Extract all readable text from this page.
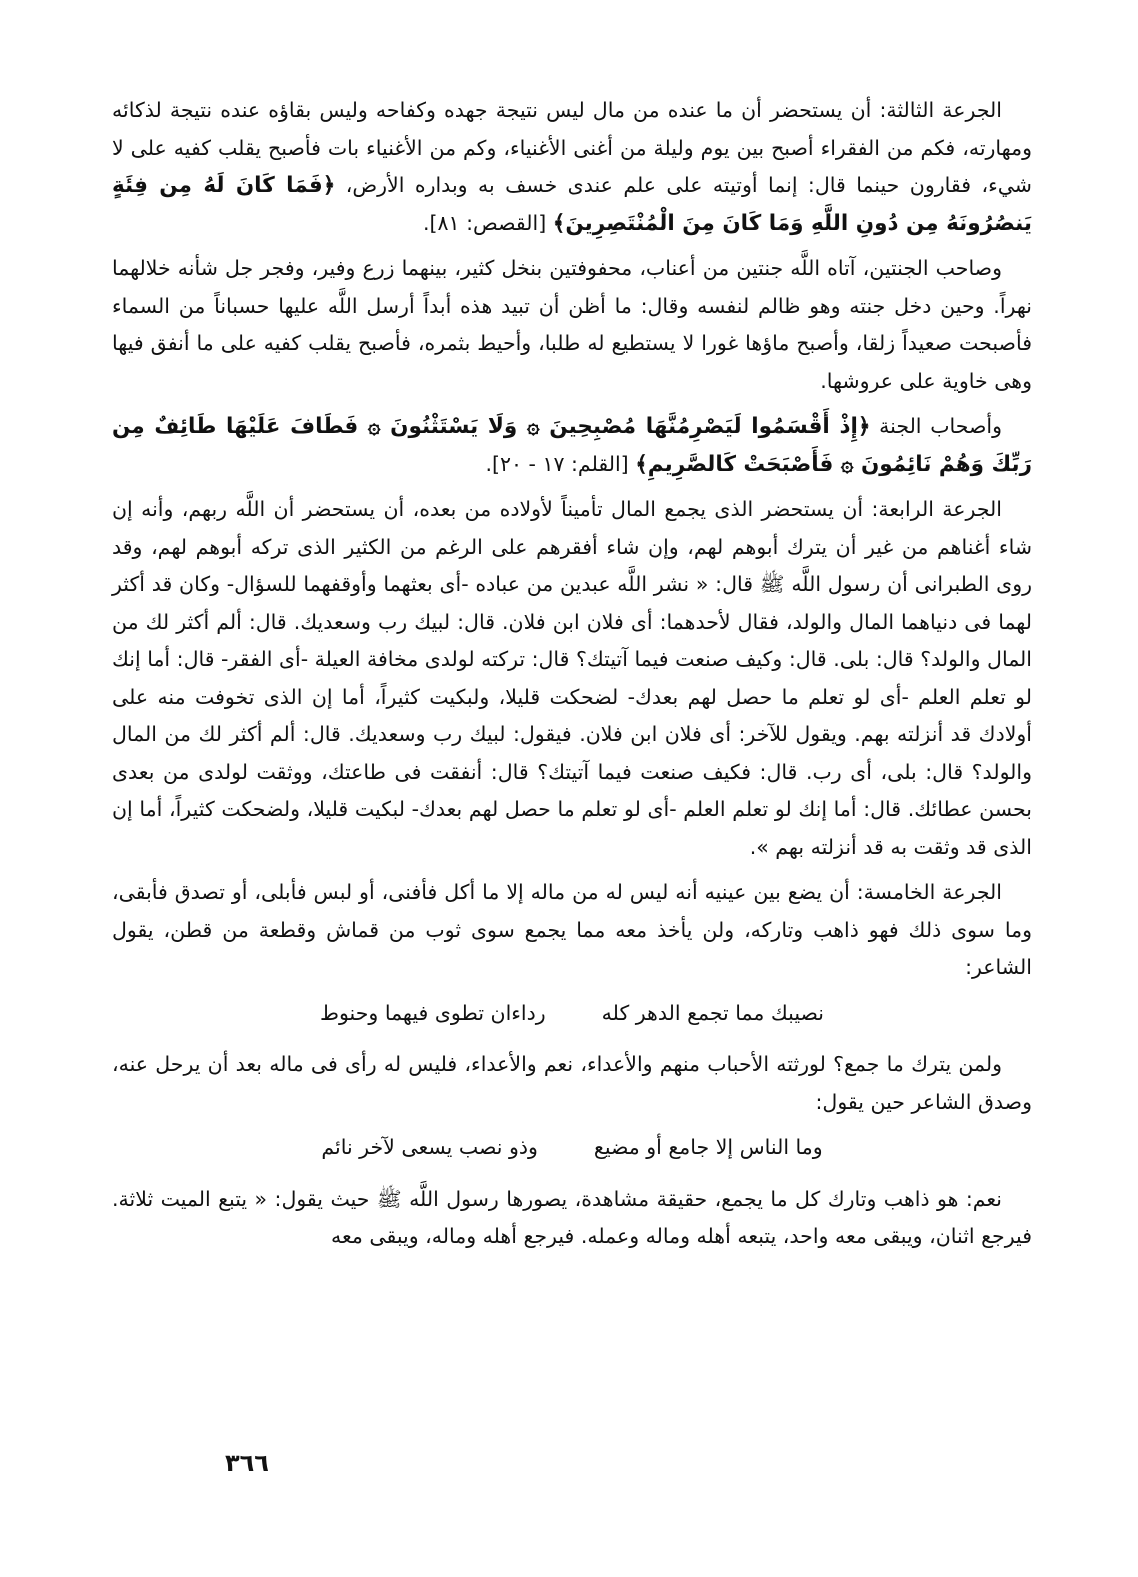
الجرعة الثالثة: أن يستحضر أن ما عنده من مال ليس نتيجة جهده وكفاحه وليس بقاؤه عنده نتيجة لذكائه ومهارته، فكم من الفقراء أصبح بين يوم وليلة من أغنى الأغنياء، وكم من الأغنياء بات فأصبح يقلب كفيه على لا شيء، فقارون حينما قال: إنما أوتيته على علم عندى خسف به وبداره الأرض، ﴿فَمَا كَانَ لَهُ مِن فِئَةٍ يَنصُرُونَهُ مِن دُونِ اللَّهِ وَمَا كَانَ مِنَ الْمُنْتَصِرِينَ﴾ [القصص: ٨١].

وصاحب الجنتين، آتاه اللَّه جنتين من أعناب، محفوفتين بنخل كثير، بينهما زرع وفير، وفجر جل شأنه خلالهما نهراً. وحين دخل جنته وهو ظالم لنفسه وقال: ما أظن أن تبيد هذه أبداً أرسل اللَّه عليها حسباناً من السماء فأصبحت صعيداً زلقا، وأصبح ماؤها غورا لا يستطيع له طلبا، وأحيط بثمره، فأصبح يقلب كفيه على ما أنفق فيها وهى خاوية على عروشها.

وأصحاب الجنة ﴿إِذْ أَقْسَمُوا لَيَصْرِمُنَّهَا مُصْبِحِينَ ۞ وَلَا يَسْتَثْنُونَ ۞ فَطَافَ عَلَيْهَا طَائِفٌ مِن رَبِّكَ وَهُمْ نَائِمُونَ ۞ فَأَصْبَحَتْ كَالصَّرِيمِ﴾ [القلم: ١٧ - ٢٠].

الجرعة الرابعة: أن يستحضر الذى يجمع المال تأميناً لأولاده من بعده، أن يستحضر أن اللَّه ربهم، وأنه إن شاء أغناهم من غير أن يترك أبوهم لهم، وإن شاء أفقرهم على الرغم من الكثير الذى تركه أبوهم لهم، وقد روى الطبرانى أن رسول اللَّه ﷺ قال: « نشر اللَّه عبدين من عباده -أى بعثهما وأوقفهما للسؤال- وكان قد أكثر لهما فى دنياهما المال والولد، فقال لأحدهما: أى فلان ابن فلان. قال: لبيك رب وسعديك. قال: ألم أكثر لك من المال والولد؟ قال: بلى. قال: وكيف صنعت فيما آتيتك؟ قال: تركته لولدى مخافة العيلة -أى الفقر- قال: أما إنك لو تعلم العلم -أى لو تعلم ما حصل لهم بعدك- لضحكت قليلا، ولبكيت كثيراً، أما إن الذى تخوفت منه على أولادك قد أنزلته بهم. ويقول للآخر: أى فلان ابن فلان. فيقول: لبيك رب وسعديك. قال: ألم أكثر لك من المال والولد؟ قال: بلى، أى رب. قال: فكيف صنعت فيما آتيتك؟ قال: أنفقت فى طاعتك، ووثقت لولدى من بعدى بحسن عطائك. قال: أما إنك لو تعلم العلم -أى لو تعلم ما حصل لهم بعدك- لبكيت قليلا، ولضحكت كثيراً، أما إن الذى قد وثقت به قد أنزلته بهم ».

الجرعة الخامسة: أن يضع بين عينيه أنه ليس له من ماله إلا ما أكل فأفنى، أو لبس فأبلى، أو تصدق فأبقى، وما سوى ذلك فهو ذاهب وتاركه، ولن يأخذ معه مما يجمع سوى ثوب من قماش وقطعة من قطن، يقول الشاعر:

نصيبك مما تجمع الدهر كله
رداءان تطوى فيهما وحنوط

ولمن يترك ما جمع؟ لورثته الأحباب منهم والأعداء، نعم والأعداء، فليس له رأى فى ماله بعد أن يرحل عنه، وصدق الشاعر حين يقول:

وما الناس إلا جامع أو مضيع
وذو نصب يسعى لآخر نائم

نعم: هو ذاهب وتارك كل ما يجمع، حقيقة مشاهدة، يصورها رسول اللَّه ﷺ حيث يقول: « يتبع الميت ثلاثة. فيرجع اثنان، ويبقى معه واحد، يتبعه أهله وماله وعمله. فيرجع أهله وماله، ويبقى معه

٣٦٦
